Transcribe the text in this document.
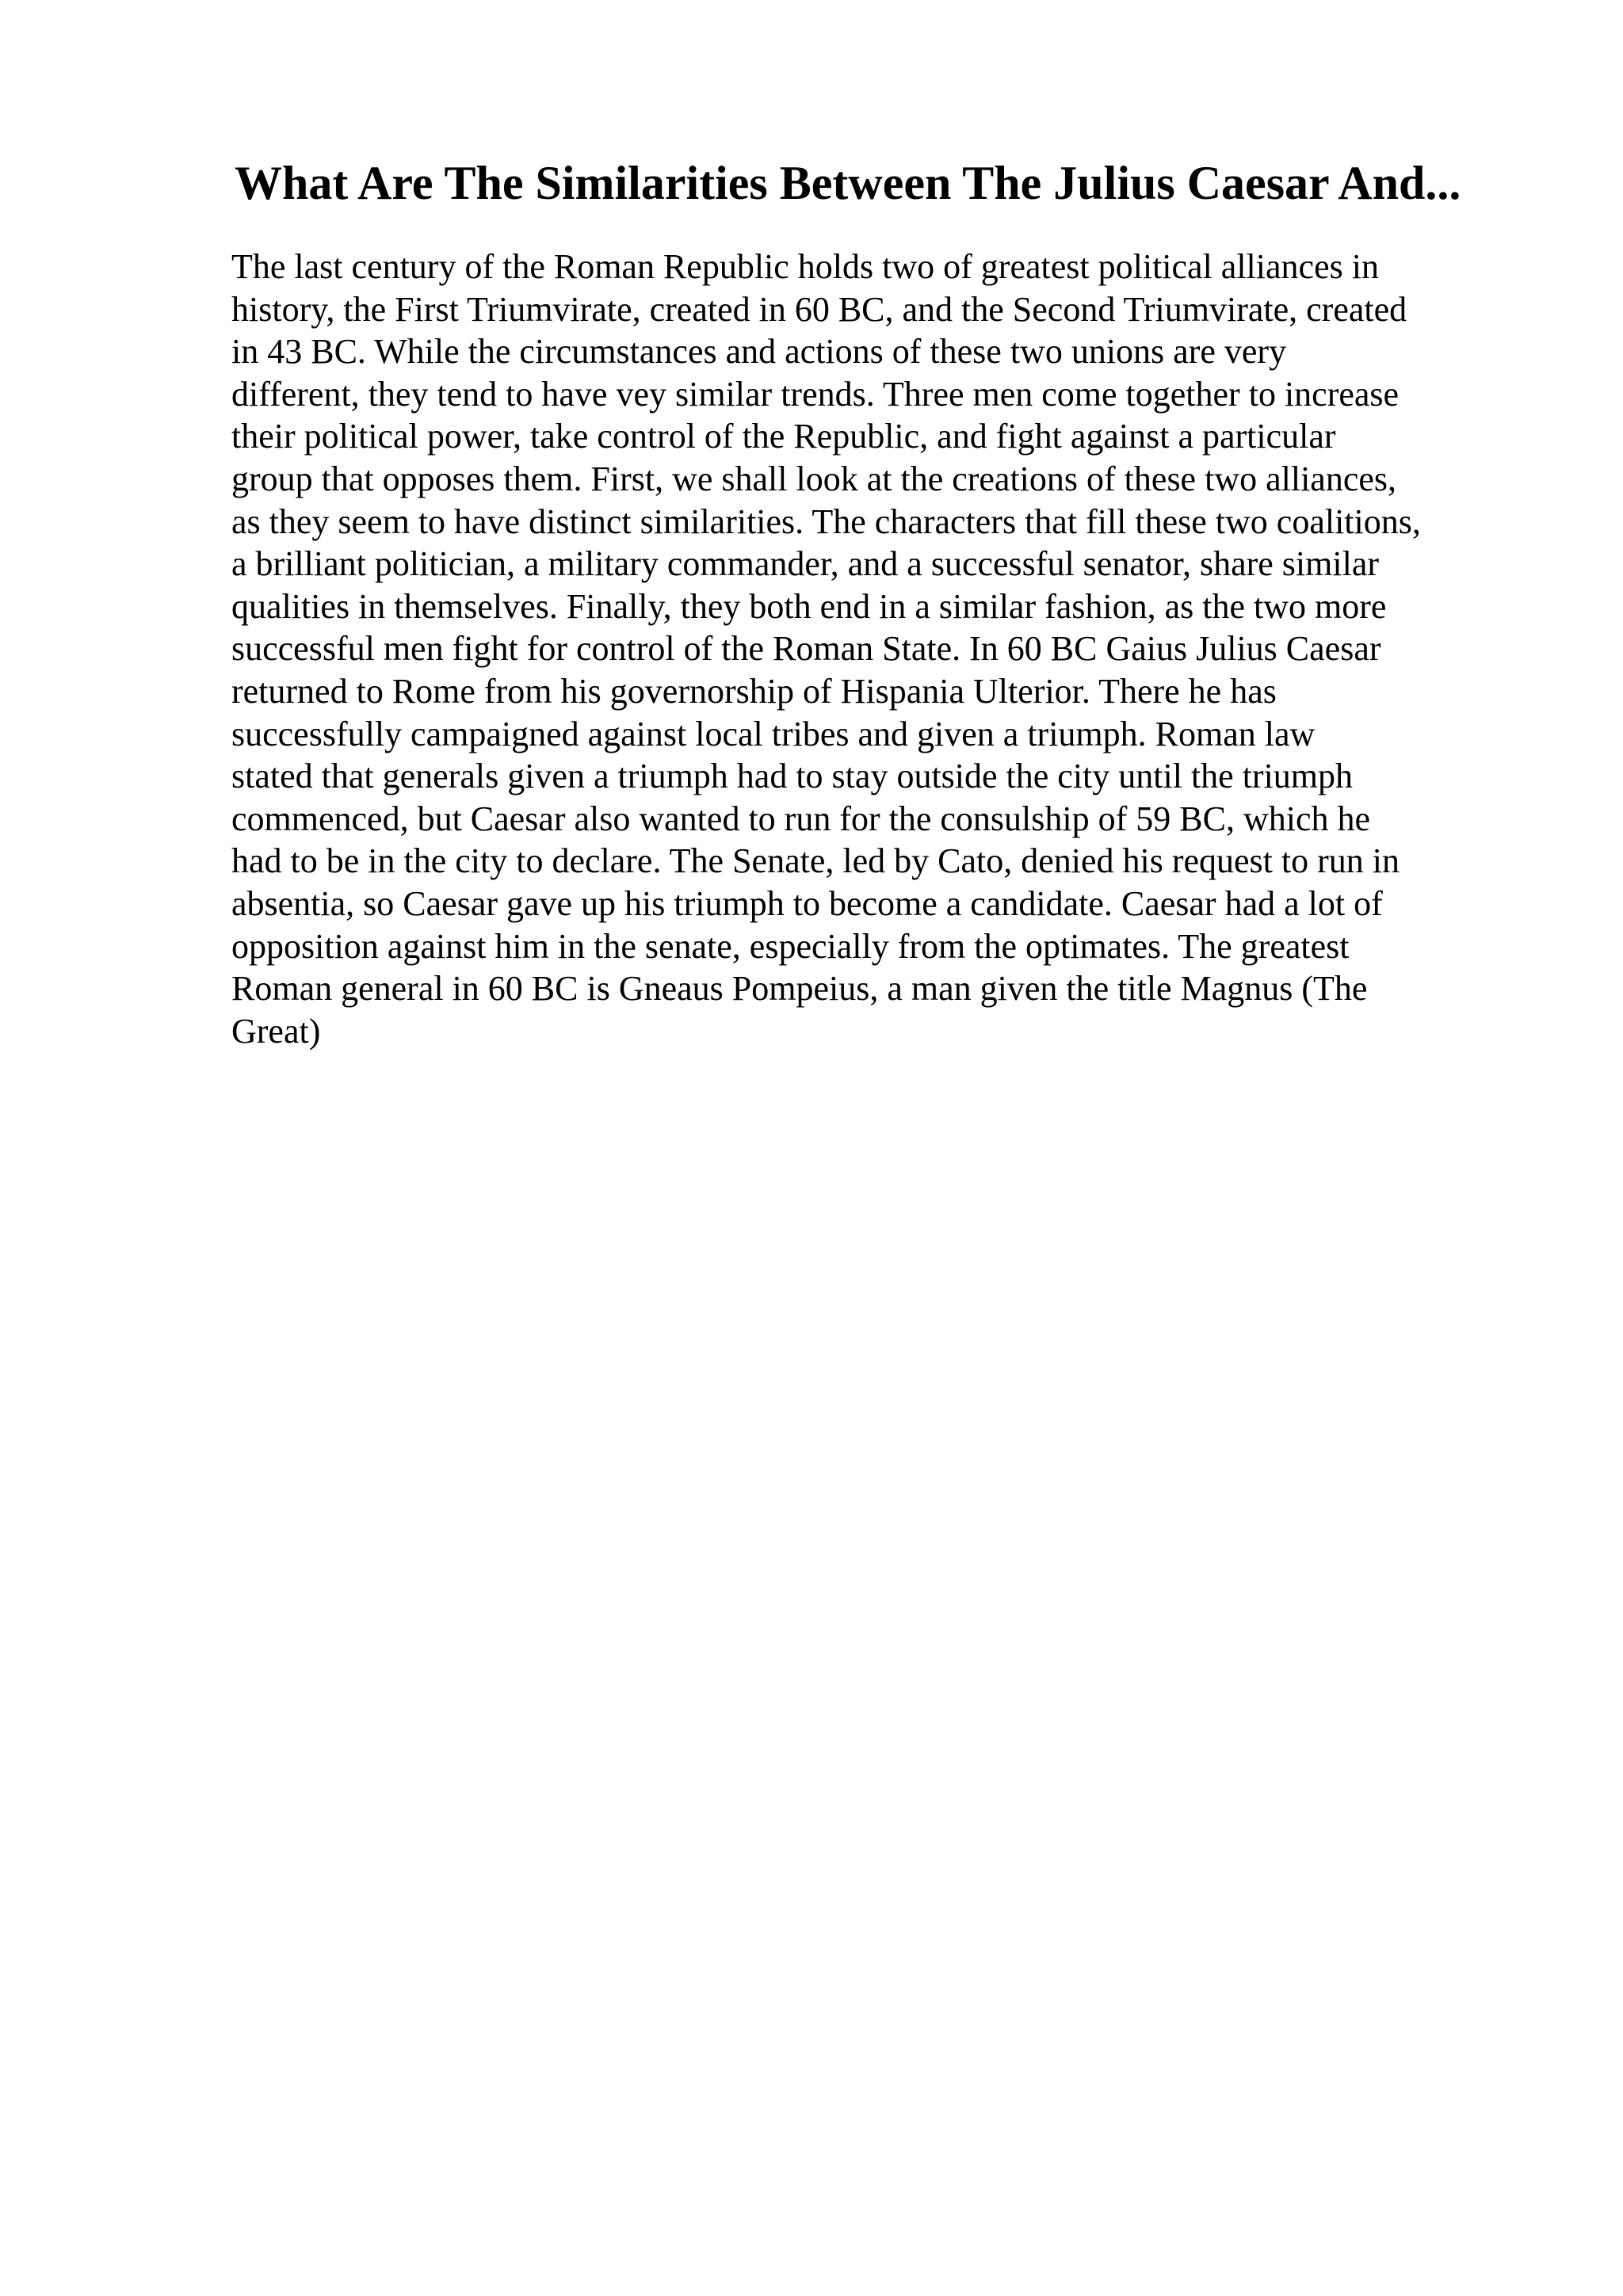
What Are The Similarities Between The Julius Caesar And...
The last century of the Roman Republic holds two of greatest political alliances in
history, the First Triumvirate, created in 60 BC, and the Second Triumvirate, created
in 43 BC. While the circumstances and actions of these two unions are very
different, they tend to have vey similar trends. Three men come together to increase
their political power, take control of the Republic, and fight against a particular
group that opposes them. First, we shall look at the creations of these two alliances,
as they seem to have distinct similarities. The characters that fill these two coalitions,
a brilliant politician, a military commander, and a successful senator, share similar
qualities in themselves. Finally, they both end in a similar fashion, as the two more
successful men fight for control of the Roman State. In 60 BC Gaius Julius Caesar
returned to Rome from his governorship of Hispania Ulterior. There he has
successfully campaigned against local tribes and given a triumph. Roman law
stated that generals given a triumph had to stay outside the city until the triumph
commenced, but Caesar also wanted to run for the consulship of 59 BC, which he
had to be in the city to declare. The Senate, led by Cato, denied his request to run in
absentia, so Caesar gave up his triumph to become a candidate. Caesar had a lot of
opposition against him in the senate, especially from the optimates. The greatest
Roman general in 60 BC is Gneaus Pompeius, a man given the title Magnus (The
Great)
